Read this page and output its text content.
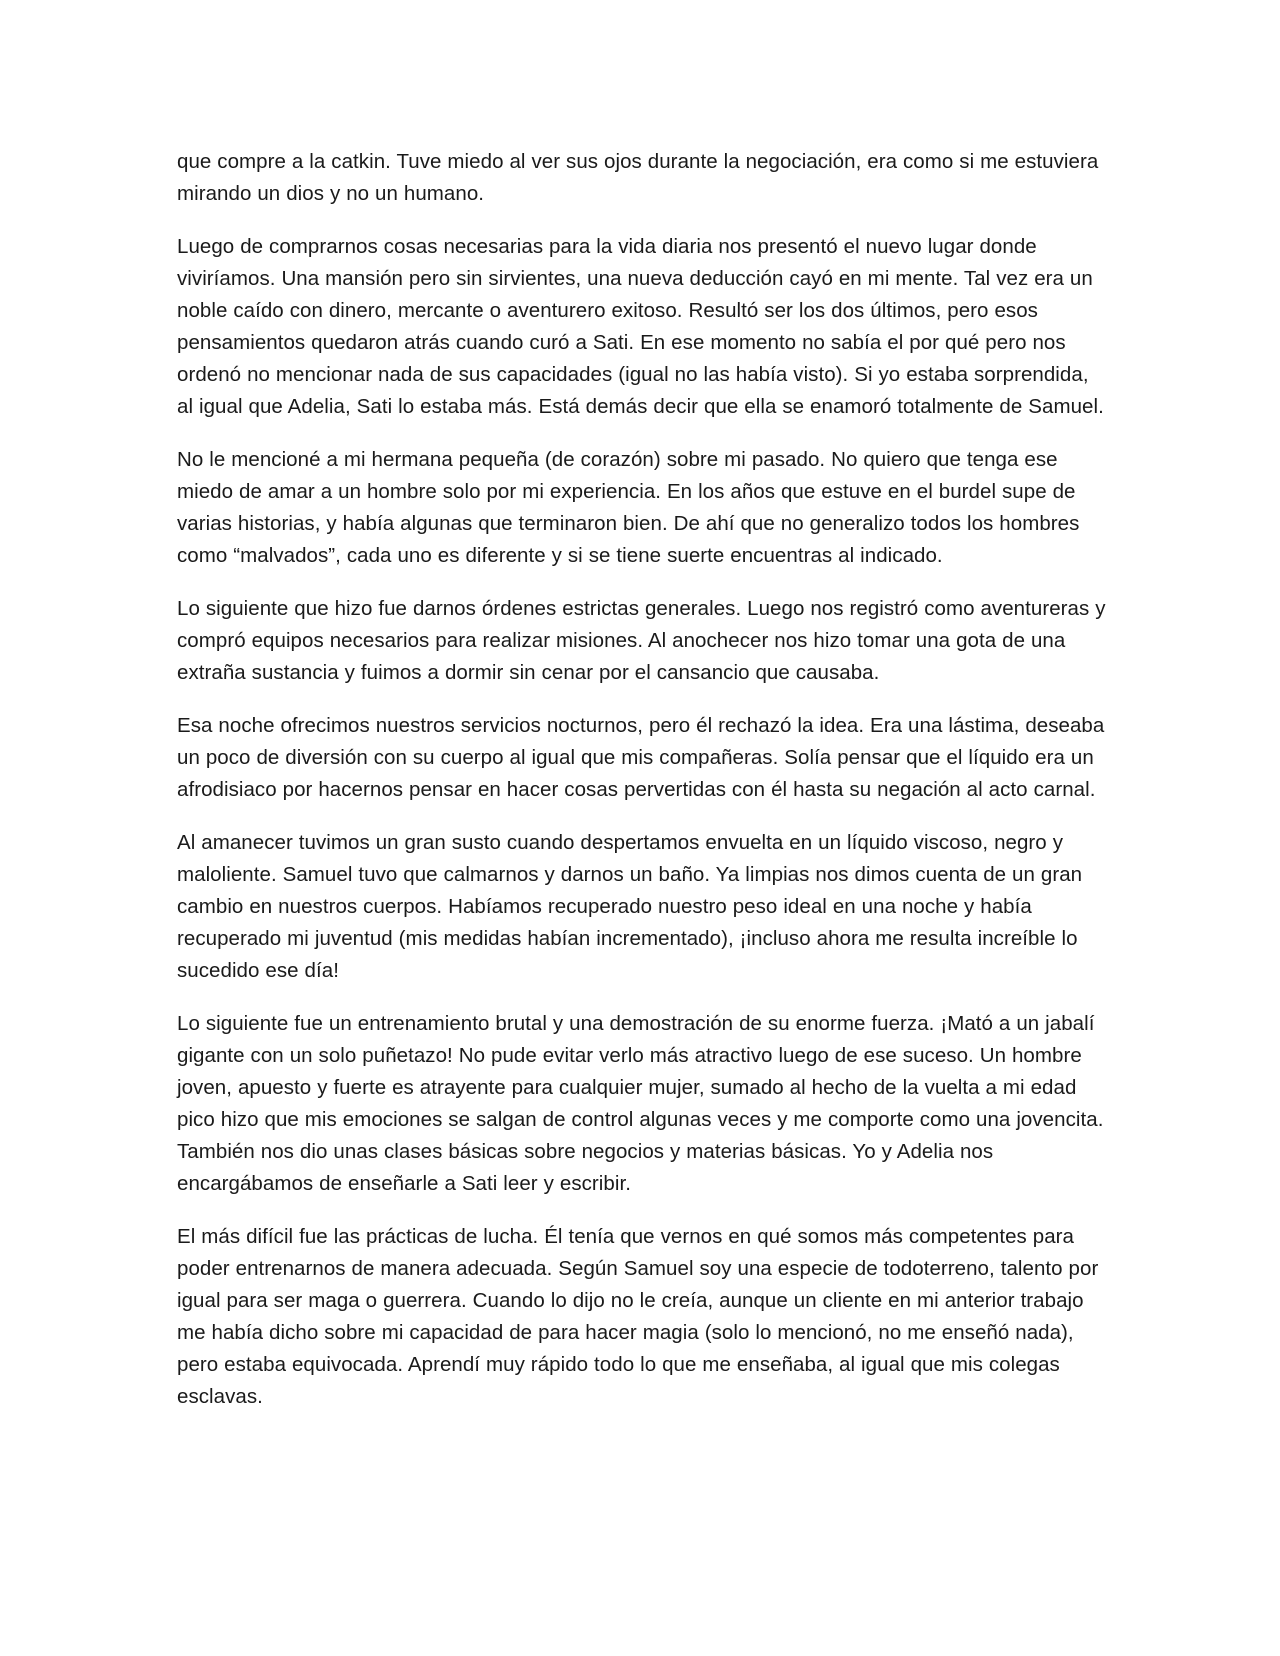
que compre a la catkin. Tuve miedo al ver sus ojos durante la negociación, era como si me estuviera mirando un dios y no un humano.

Luego de comprarnos cosas necesarias para la vida diaria nos presentó el nuevo lugar donde viviríamos. Una mansión pero sin sirvientes, una nueva deducción cayó en mi mente. Tal vez era un noble caído con dinero, mercante o aventurero exitoso. Resultó ser los dos últimos, pero esos pensamientos quedaron atrás cuando curó a Sati. En ese momento no sabía el por qué pero nos ordenó no mencionar nada de sus capacidades (igual no las había visto). Si yo estaba sorprendida, al igual que Adelia, Sati lo estaba más. Está demás decir que ella se enamoró totalmente de Samuel.

No le mencioné a mi hermana pequeña (de corazón) sobre mi pasado. No quiero que tenga ese miedo de amar a un hombre solo por mi experiencia. En los años que estuve en el burdel supe de varias historias, y había algunas que terminaron bien. De ahí que no generalizo todos los hombres como “malvados”, cada uno es diferente y si se tiene suerte encuentras al indicado.

Lo siguiente que hizo fue darnos órdenes estrictas generales. Luego nos registró como aventureras y compró equipos necesarios para realizar misiones. Al anochecer nos hizo tomar una gota de una extraña sustancia y fuimos a dormir sin cenar por el cansancio que causaba.

Esa noche ofrecimos nuestros servicios nocturnos, pero él rechazó la idea. Era una lástima, deseaba un poco de diversión con su cuerpo al igual que mis compañeras. Solía pensar que el líquido era un afrodisiaco por hacernos pensar en hacer cosas pervertidas con él hasta su negación al acto carnal.

Al amanecer tuvimos un gran susto cuando despertamos envuelta en un líquido viscoso, negro y maloliente. Samuel tuvo que calmarnos y darnos un baño. Ya limpias nos dimos cuenta de un gran cambio en nuestros cuerpos. Habíamos recuperado nuestro peso ideal en una noche y había recuperado mi juventud (mis medidas habían incrementado), ¡incluso ahora me resulta increíble lo sucedido ese día!

Lo siguiente fue un entrenamiento brutal y una demostración de su enorme fuerza. ¡Mató a un jabalí gigante con un solo puñetazo! No pude evitar verlo más atractivo luego de ese suceso. Un hombre joven, apuesto y fuerte es atrayente para cualquier mujer, sumado al hecho de la vuelta a mi edad pico hizo que mis emociones se salgan de control algunas veces y me comporte como una jovencita. También nos dio unas clases básicas sobre negocios y materias básicas. Yo y Adelia nos encargábamos de enseñarle a Sati leer y escribir.

El más difícil fue las prácticas de lucha. Él tenía que vernos en qué somos más competentes para poder entrenarnos de manera adecuada. Según Samuel soy una especie de todoterreno, talento por igual para ser maga o guerrera. Cuando lo dijo no le creía, aunque un cliente en mi anterior trabajo me había dicho sobre mi capacidad de para hacer magia (solo lo mencionó, no me enseñó nada), pero estaba equivocada. Aprendí muy rápido todo lo que me enseñaba, al igual que mis colegas esclavas.
